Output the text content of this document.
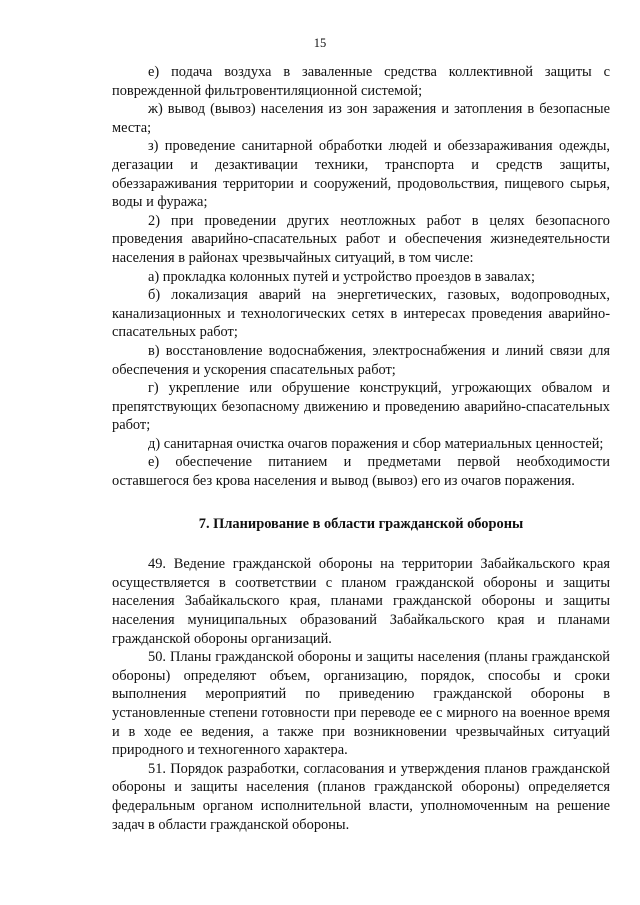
15

е) подача воздуха в заваленные средства коллективной защиты с поврежденной фильтровентиляционной системой;

ж) вывод (вывоз) населения из зон заражения и затопления в безопасные места;

з) проведение санитарной обработки людей и обеззараживания одежды, дегазации и дезактивации техники, транспорта и средств защиты, обеззараживания территории и сооружений, продовольствия, пищевого сырья, воды и фуража;

2) при проведении других неотложных работ в целях безопасного проведения аварийно-спасательных работ и обеспечения жизнедеятельности населения в районах чрезвычайных ситуаций, в том числе:

а) прокладка колонных путей и устройство проездов в завалах;

б) локализация аварий на энергетических, газовых, водопроводных, канализационных и технологических сетях в интересах проведения аварийно-спасательных работ;

в) восстановление водоснабжения, электроснабжения и линий связи для обеспечения и ускорения спасательных работ;

г) укрепление или обрушение конструкций, угрожающих обвалом и препятствующих безопасному движению и проведению аварийно-спасательных работ;

д) санитарная очистка очагов поражения и сбор материальных ценностей;

е) обеспечение питанием и предметами первой необходимости оставшегося без крова населения и вывод (вывоз) его из очагов поражения.

7. Планирование в области гражданской обороны

49. Ведение гражданской обороны на территории Забайкальского края осуществляется в соответствии с планом гражданской обороны и защиты населения Забайкальского края, планами гражданской обороны и защиты населения муниципальных образований Забайкальского края и планами гражданской обороны организаций.

50. Планы гражданской обороны и защиты населения (планы гражданской обороны) определяют объем, организацию, порядок, способы и сроки выполнения мероприятий по приведению гражданской обороны в установленные степени готовности при переводе ее с мирного на военное время и в ходе ее ведения, а также при возникновении чрезвычайных ситуаций природного и техногенного характера.

51. Порядок разработки, согласования и утверждения планов гражданской обороны и защиты населения (планов гражданской обороны) определяется федеральным органом исполнительной власти, уполномоченным на решение задач в области гражданской обороны.
